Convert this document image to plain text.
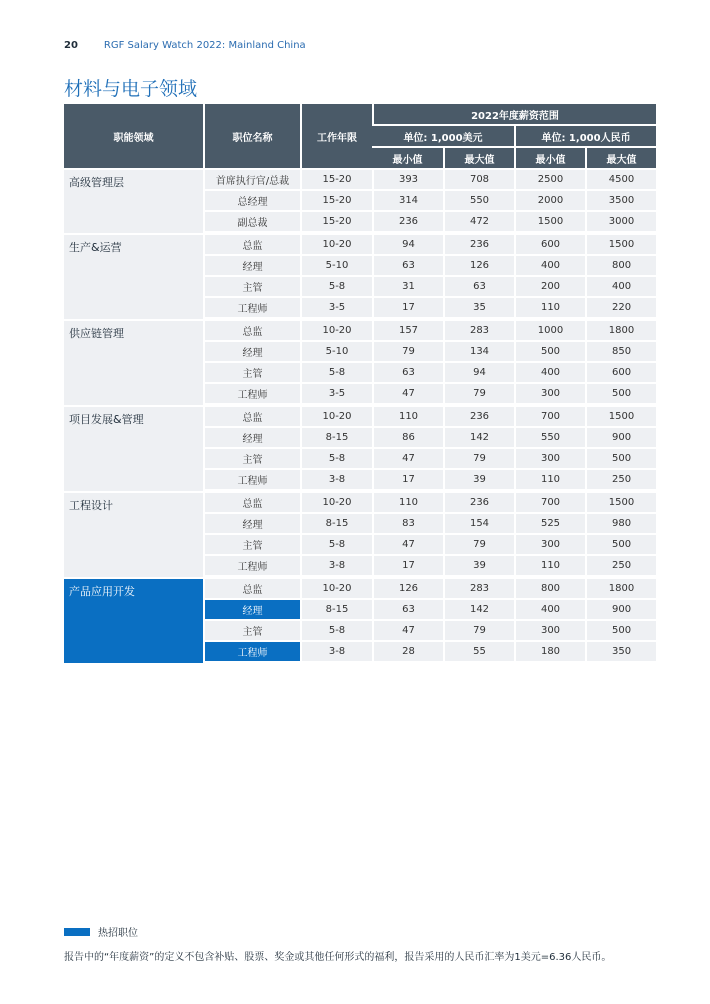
20	RGF Salary Watch 2022: Mainland China
材料与电子领域
职能领域	职位名称	工作年限	2022年度薪资范围			
			单位: 1,000美元		单位: 1,000人民币	
			最小值	最大值	最小值	最大值
高级管理层	首席执行官/总裁	15-20	393	708	2500	4500
	总经理	15-20	314	550	2000	3500
	副总裁	15-20	236	472	1500	3000
生产&运营	总监	10-20	94	236	600	1500
	经理	5-10	63	126	400	800
	主管	5-8	31	63	200	400
	工程师	3-5	17	35	110	220
供应链管理	总监	10-20	157	283	1000	1800
	经理	5-10	79	134	500	850
	主管	5-8	63	94	400	600
	工程师	3-5	47	79	300	500
项目发展&管理	总监	10-20	110	236	700	1500
	经理	8-15	86	142	550	900
	主管	5-8	47	79	300	500
	工程师	3-8	17	39	110	250
工程设计	总监	10-20	110	236	700	1500
	经理	8-15	83	154	525	980
	主管	5-8	47	79	300	500
	工程师	3-8	17	39	110	250
产品应用开发	总监	10-20	126	283	800	1800
	经理	8-15	63	142	400	900
	主管	5-8	47	79	300	500
	工程师	3-8	28	55	180	350
热招职位
报告中的“年度薪资”的定义不包含补贴、股票、奖金或其他任何形式的福利，报告采用的人民币汇率为1美元=6.36人民币。
